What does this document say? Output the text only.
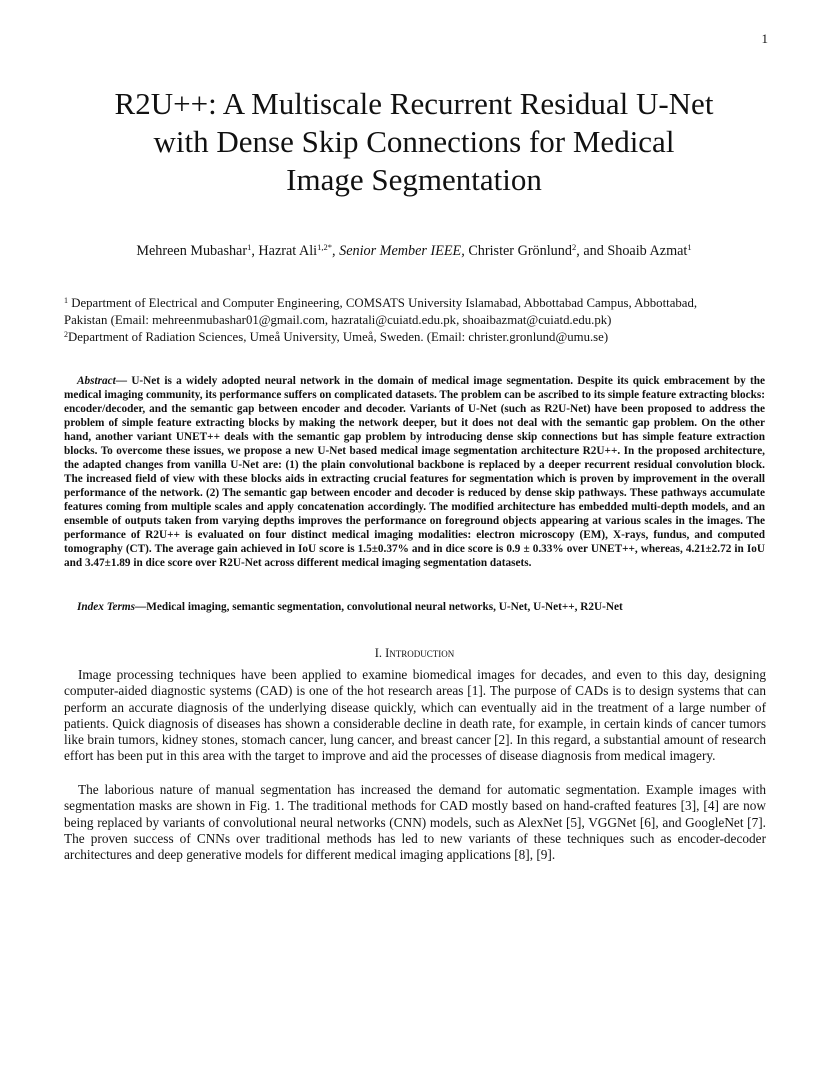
1
R2U++: A Multiscale Recurrent Residual U-Net
with Dense Skip Connections for Medical
Image Segmentation
Mehreen Mubashar$^1$, Hazrat Ali$^{1,2*}$, Senior Member IEEE, Christer Grönlund$^2$, and Shoaib Azmat$^1$
$^1$ Department of Electrical and Computer Engineering, COMSATS University Islamabad, Abbottabad Campus, Abbottabad,
Pakistan (Email: mehreenmubashar01@gmail.com, hazratali@cuiatd.edu.pk, shoaibazmat@cuiatd.edu.pk)
$^2$Department of Radiation Sciences, Umeå University, Umeå, Sweden. (Email: christer.gronlund@umu.se)

Abstract— U-Net is a widely adopted neural network in the domain of medical image segmentation. Despite its quick embracement by the medical imaging community, its performance suffers on complicated datasets. The problem can be ascribed to its simple feature extracting blocks: encoder/decoder, and the semantic gap between encoder and decoder. Variants of U-Net (such as R2U-Net) have been proposed to address the problem of simple feature extracting blocks by making the network deeper, but it does not deal with the semantic gap problem. On the other hand, another variant UNET++ deals with the semantic gap problem by introducing dense skip connections but has simple feature extraction blocks. To overcome these issues, we propose a new U-Net based medical image segmentation architecture R2U++. In the proposed architecture, the adapted changes from vanilla U-Net are: (1) the plain convolutional backbone is replaced by a deeper recurrent residual convolution block. The increased field of view with these blocks aids in extracting crucial features for segmentation which is proven by improvement in the overall performance of the network. (2) The semantic gap between encoder and decoder is reduced by dense skip pathways. These pathways accumulate features coming from multiple scales and apply concatenation accordingly. The modified architecture has embedded multi-depth models, and an ensemble of outputs taken from varying depths improves the performance on foreground objects appearing at various scales in the images. The performance of R2U++ is evaluated on four distinct medical imaging modalities: electron microscopy (EM), X-rays, fundus, and computed tomography (CT). The average gain achieved in IoU score is 1.5±0.37% and in dice score is 0.9 ± 0.33% over UNET++, whereas, 4.21±2.72 in IoU and 3.47±1.89 in dice score over R2U-Net across different medical imaging segmentation datasets.

Index Terms—Medical imaging, semantic segmentation, convolutional neural networks, U-Net, U-Net++, R2U-Net

I. Introduction

Image processing techniques have been applied to examine biomedical images for decades, and even to this day, designing computer-aided diagnostic systems (CAD) is one of the hot research areas [1]. The purpose of CADs is to design systems that can perform an accurate diagnosis of the underlying disease quickly, which can eventually aid in the treatment of a large number of patients. Quick diagnosis of diseases has shown a considerable decline in death rate, for example, in certain kinds of cancer tumors like brain tumors, kidney stones, stomach cancer, lung cancer, and breast cancer [2]. In this regard, a substantial amount of research effort has been put in this area with the target to improve and aid the processes of disease diagnosis from medical imagery.

The laborious nature of manual segmentation has increased the demand for automatic segmentation. Example images with segmentation masks are shown in Fig. 1. The traditional methods for CAD mostly based on hand-crafted features [3], [4] are now being replaced by variants of convolutional neural networks (CNN) models, such as AlexNet [5], VGGNet [6], and GoogleNet [7]. The proven success of CNNs over traditional methods has led to new variants of these techniques such as encoder-decoder architectures and deep generative models for different medical imaging applications [8], [9].
